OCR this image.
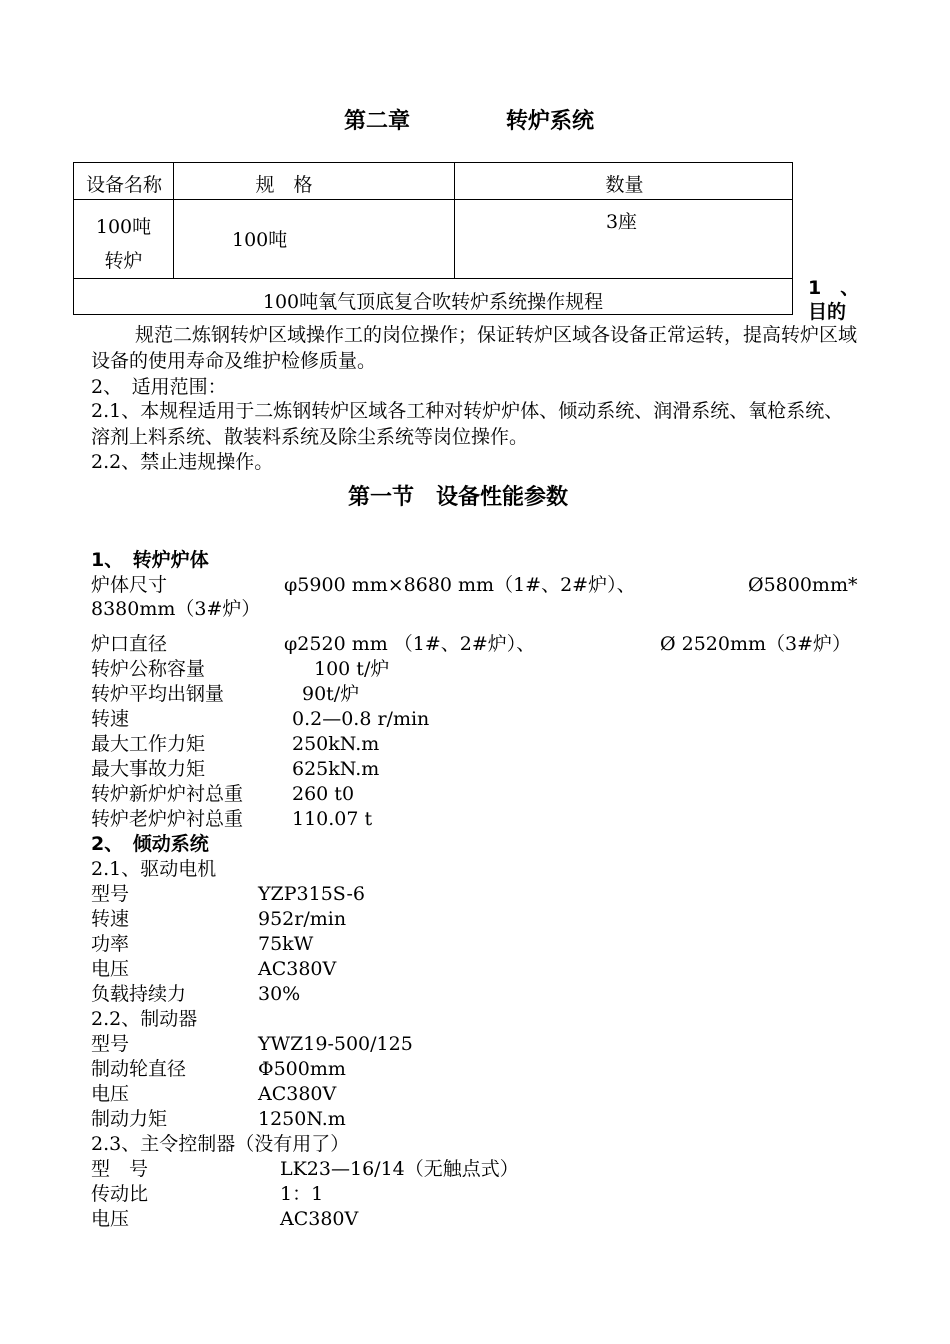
第二章	转炉系统
设备名称	规　格	数量

100吨
转炉	100吨	3座

100吨氧气顶底复合吹转炉系统操作规程		
1　、
目的
规范二炼钢转炉区域操作工的岗位操作；保证转炉区域各设备正常运转，提高转炉区域设备的使用寿命及维护检修质量。
2、　适用范围：
2.1、本规程适用于二炼钢转炉区域各工种对转炉炉体、倾动系统、润滑系统、氧枪系统、溶剂上料系统、散装料系统及除尘系统等岗位操作。
2.2、禁止违规操作。
第一节　设备性能参数
1、　转炉炉体
炉体尺寸	φ5900 mm×8680 mm（1#、2#炉）、	Ø5800mm*
8380mm（3#炉）
炉口直径	φ2520 mm （1#、2#炉）、	Ø 2520mm（3#炉）
转炉公称容量	100 t/炉
转炉平均出钢量	90t/炉
转速	0.2—0.8 r/min
最大工作力矩	250kN.m
最大事故力矩	625kN.m
转炉新炉炉衬总重	260 t0
转炉老炉炉衬总重	110.07 t
2、　倾动系统
2.1、驱动电机
型号	YZP315S-6
转速	952r/min
功率	75kW
电压	AC380V
负载持续力	30%
2.2、制动器
型号	YWZ19-500/125
制动轮直径	Φ500mm
电压	AC380V
制动力矩	1250N.m
2.3、主令控制器（没有用了）
型　号	LK23—16/14（无触点式）
传动比	1：1
电压	AC380V
